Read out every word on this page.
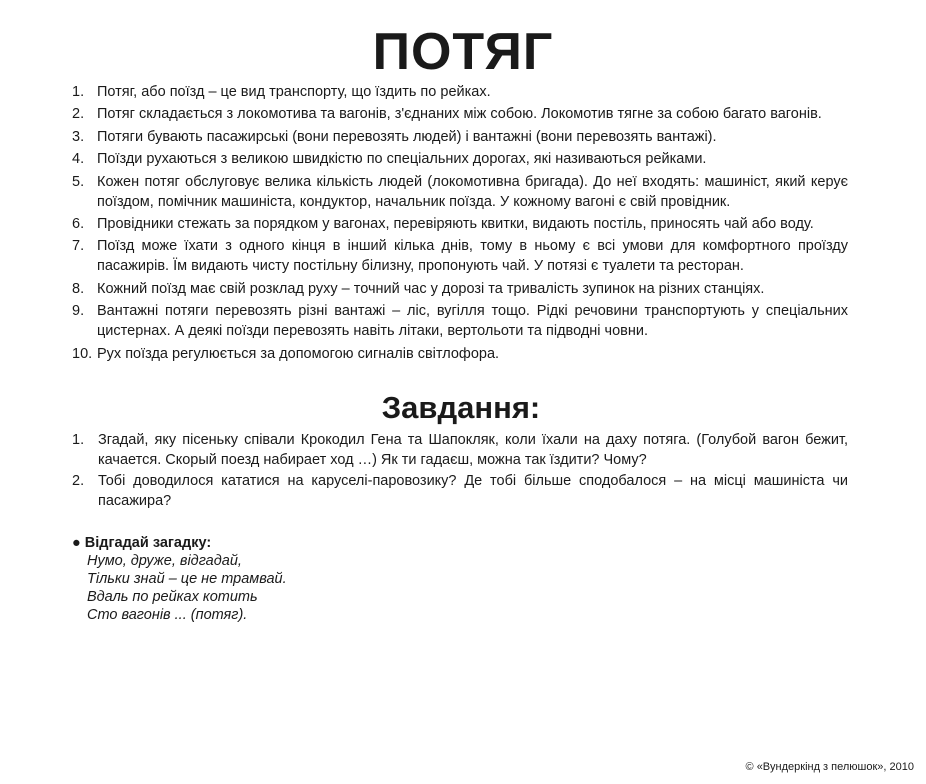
ПОТЯГ
1. Потяг, або поїзд – це вид транспорту, що їздить по рейках.
2. Потяг складається з локомотива та вагонів, з'єднаних між собою. Локомотив тягне за собою багато вагонів.
3. Потяги бувають пасажирські (вони перевозять людей) і вантажні (вони перевозять вантажі).
4. Поїзди рухаються з великою швидкістю по спеціальних дорогах, які називаються рейками.
5. Кожен потяг обслуговує велика кількість людей (локомотивна бригада). До неї входять: машиніст, який керує поїздом, помічник машиніста, кондуктор, начальник поїзда. У кожному вагоні є свій провідник.
6. Провідники стежать за порядком у вагонах, перевіряють квитки, видають постіль, приносять чай або воду.
7. Поїзд може їхати з одного кінця в інший кілька днів, тому в ньому є всі умови для комфортного проїзду пасажирів. Їм видають чисту постільну білизну, пропонують чай. У потязі є туалети та ресторан.
8. Кожний поїзд має свій розклад руху – точний час у дорозі та тривалість зупинок на різних станціях.
9. Вантажні потяги перевозять різні вантажі – ліс, вугілля тощо. Рідкі речовини транспортують у спеціальних цистернах. А деякі поїзди перевозять навіть літаки, вертольоти та підводні човни.
10. Рух поїзда регулюється за допомогою сигналів світлофора.
Завдання:
1. Згадай, яку пісеньку співали Крокодил Гена та Шапокляк, коли їхали на даху потяга. (Голубой вагон бежит, качается. Скорый поезд набирает ход …) Як ти гадаєш, можна так їздити? Чому?
2. Тобі доводилося кататися на каруселі-паровозику? Де тобі більше сподобалося – на місці машиніста чи пасажира?
● Відгадай загадку:
Нумо, друже, відгадай,
Тільки знай – це не трамвай.
Вдаль по рейках котить
Сто вагонів ... (потяг).
© «Вундеркінд з пелюшок», 2010
